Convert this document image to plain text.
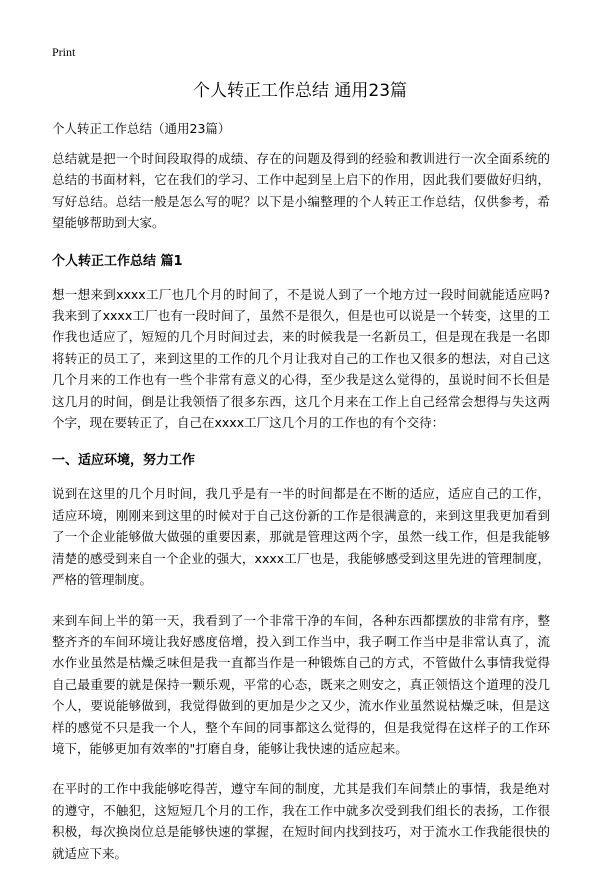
Print
个人转正工作总结 通用23篇
个人转正工作总结（通用23篇）

总结就是把一个时间段取得的成绩、存在的问题及得到的经验和教训进行一次全面系统的总结的书面材料，它在我们的学习、工作中起到呈上启下的作用，因此我们要做好归纳，写好总结。总结一般是怎么写的呢？以下是小编整理的个人转正工作总结，仅供参考，希望能够帮助到大家。

个人转正工作总结 篇1

想一想来到xxxx工厂也几个月的时间了，不是说人到了一个地方过一段时间就能适应吗?我来到了xxxx工厂也有一段时间了，虽然不是很久，但是也可以说是一个转变，这里的工作我也适应了，短短的几个月时间过去，来的时候我是一名新员工，但是现在我是一名即将转正的员工了，来到这里的工作的几个月让我对自己的工作也又很多的想法，对自己这几个月来的工作也有一些个非常有意义的心得，至少我是这么觉得的，虽说时间不长但是这几月的时间，倒是让我领悟了很多东西，这几个月来在工作上自己经常会想得与失这两个字，现在要转正了，自己在xxxx工厂这几个月的工作也的有个交待：

一、适应环境，努力工作

说到在这里的几个月时间，我几乎是有一半的时间都是在不断的适应，适应自己的工作，适应环境，刚刚来到这里的时候对于自己这份新的工作是很满意的，来到这里我更加看到了一个企业能够做大做强的重要因素，那就是管理这两个字，虽然一线工作，但是我能够清楚的感受到来自一个企业的强大，xxxx工厂也是，我能够感受到这里先进的管理制度，严格的管理制度。

来到车间上半的第一天，我看到了一个非常干净的车间，各种东西都摆放的非常有序，整整齐齐的车间环境让我好感度倍增，投入到工作当中，我子啊工作当中是非常认真了，流水作业虽然是枯燥乏味但是我一直都当作是一种锻炼自己的方式，不管做什么事情我觉得自己最重要的就是保持一颗乐观，平常的心态，既来之则安之，真正领悟这个道理的没几个人，要说能够做到，我觉得做到的更加是少之又少，流水作业虽然说枯燥乏味，但是这样的感觉不只是我一个人，整个车间的同事都这么觉得的，但是我觉得在这样子的工作环境下，能够更加有效率的"打磨自身，能够让我快速的适应起来。

在平时的工作中我能够吃得苦，遵守车间的制度，尤其是我们车间禁止的事情，我是绝对的遵守，不触犯，这短短几个月的工作，我在工作中就多次受到我们组长的表扬，工作很积极，每次换岗位总是能够快速的掌握，在短时间内找到技巧，对于流水工作我能很快的就适应下来。
